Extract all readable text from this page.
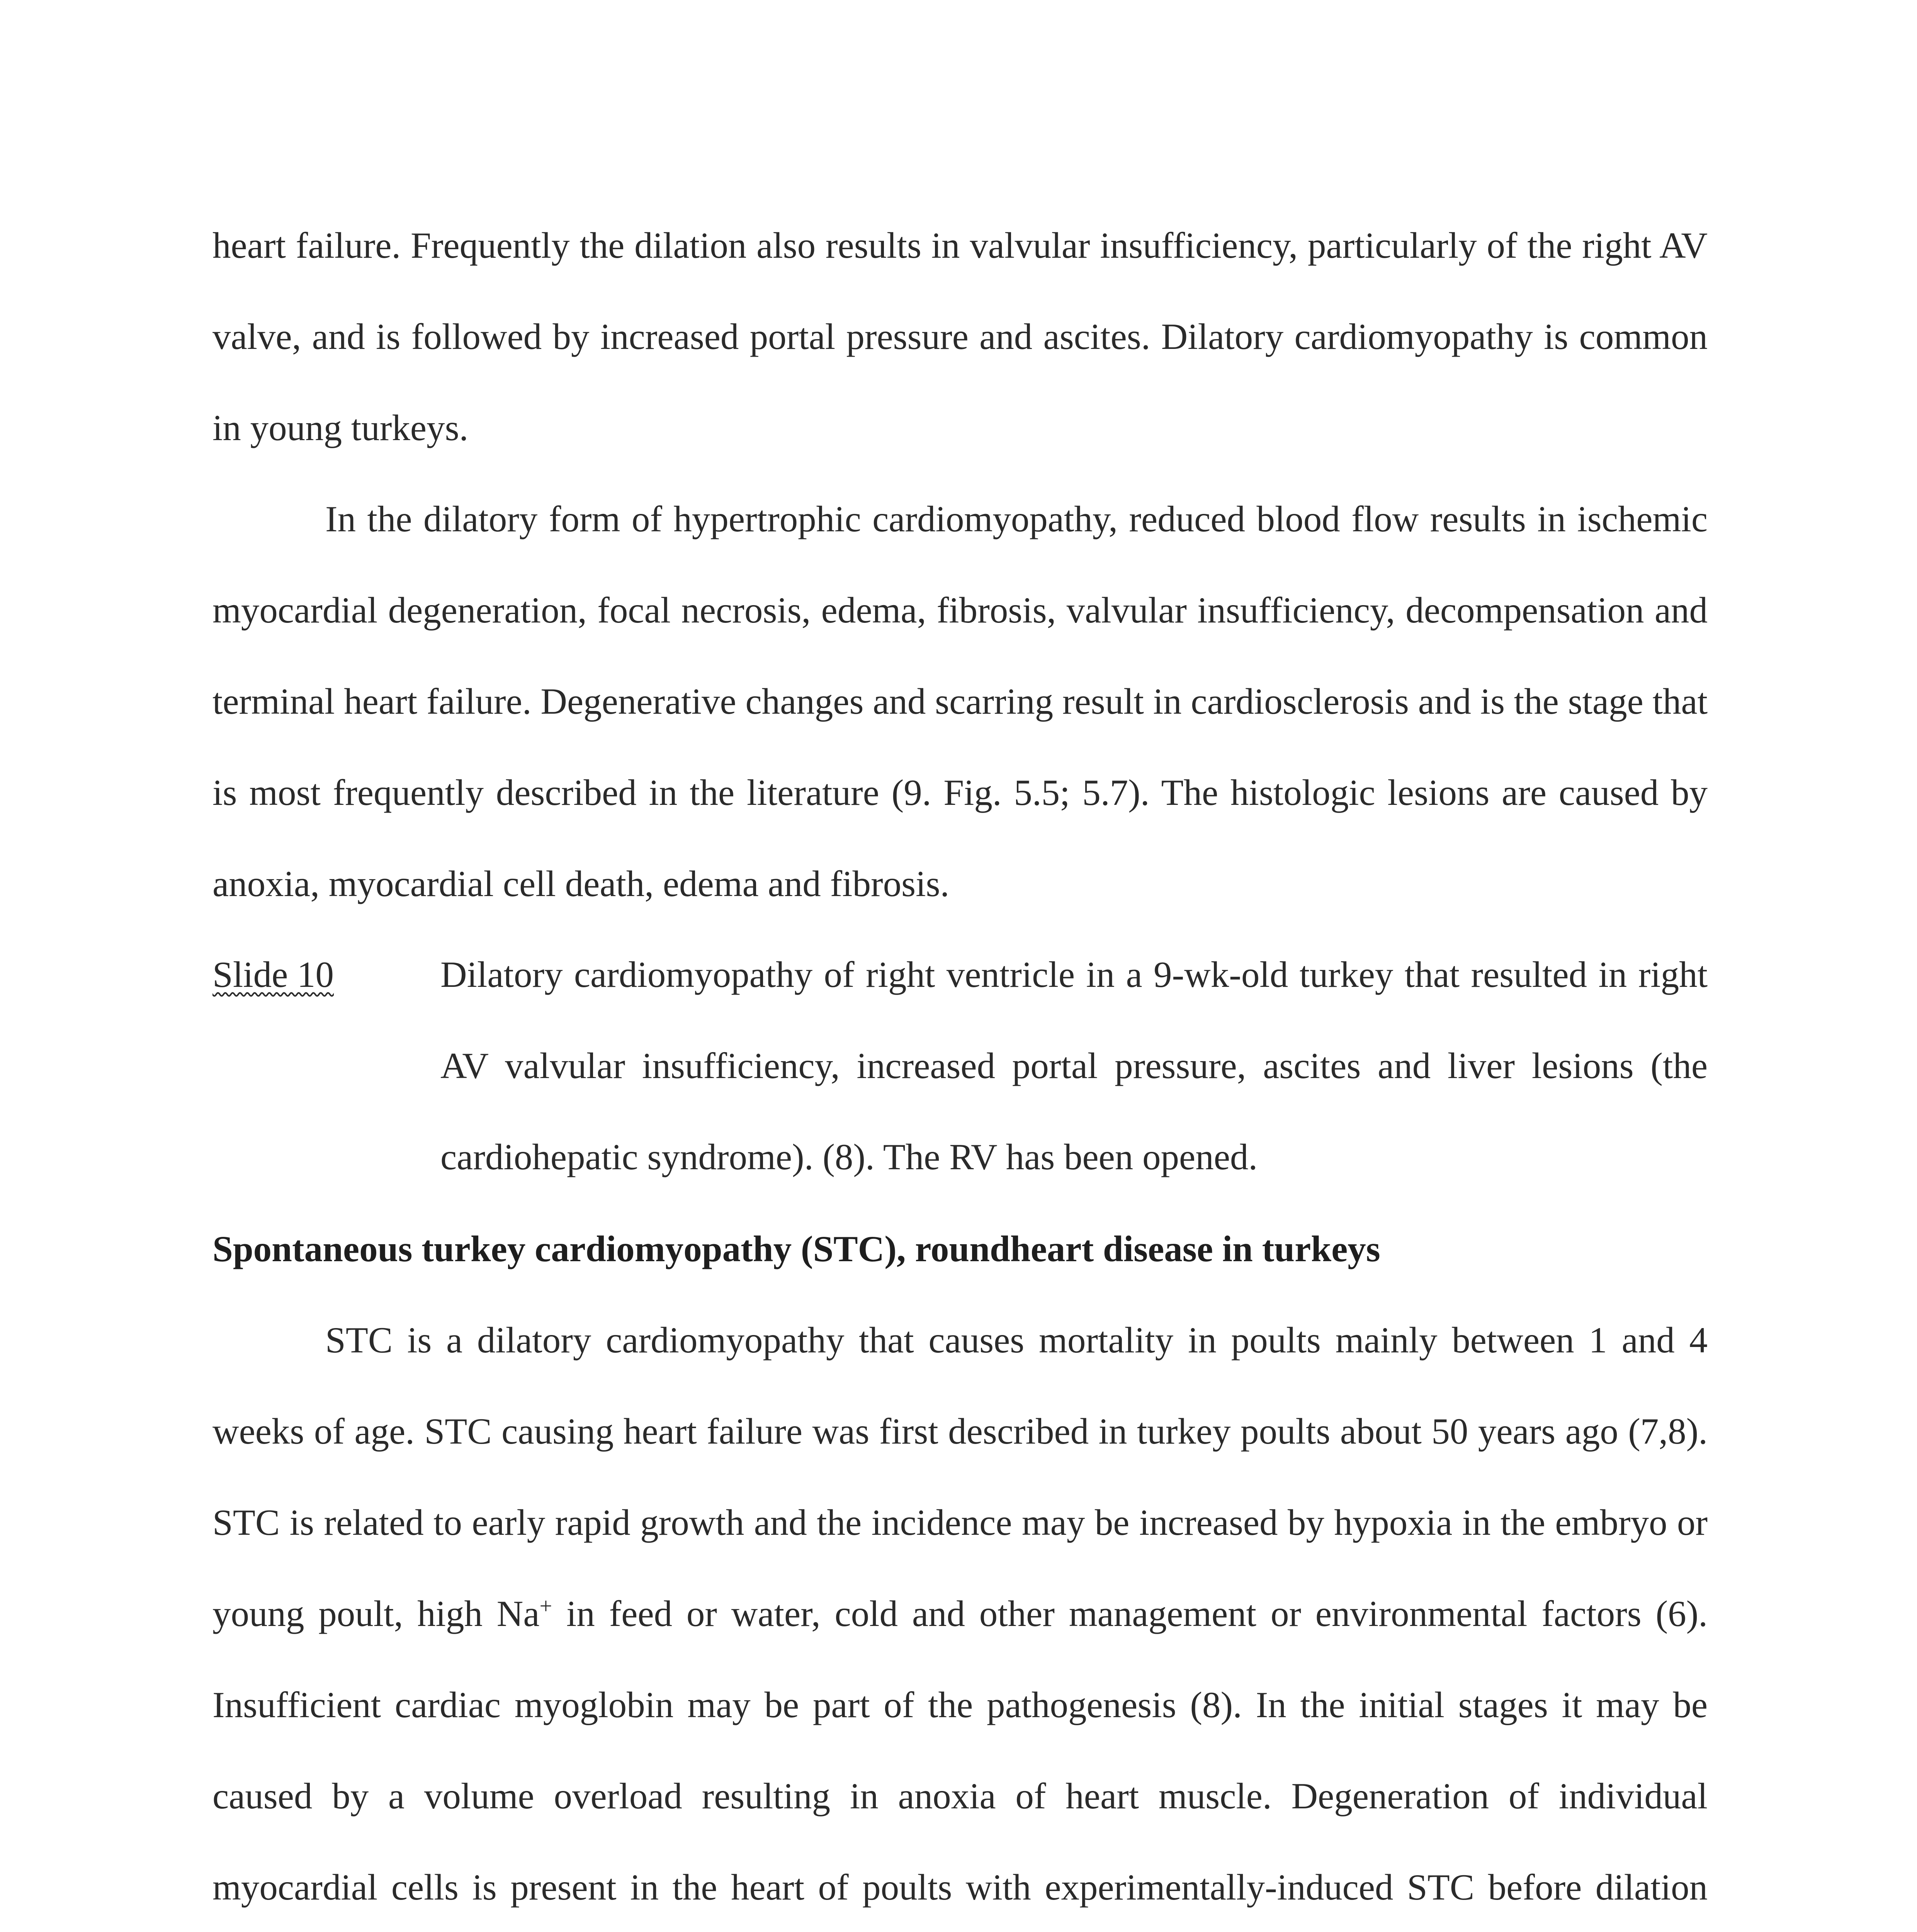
heart failure. Frequently the dilation also results in valvular insufficiency, particularly of the right AV valve, and is followed by increased portal pressure and ascites. Dilatory cardiomyopathy is common in young turkeys.

In the dilatory form of hypertrophic cardiomyopathy, reduced blood flow results in ischemic myocardial degeneration, focal necrosis, edema, fibrosis, valvular insufficiency, decompensation and terminal heart failure. Degenerative changes and scarring result in cardiosclerosis and is the stage that is most frequently described in the literature (9. Fig. 5.5; 5.7). The histologic lesions are caused by anoxia, myocardial cell death, edema and fibrosis.

Slide 10	Dilatory cardiomyopathy of right ventricle in a 9-wk-old turkey that resulted in right AV valvular insufficiency, increased portal pressure, ascites and liver lesions (the cardiohepatic syndrome). (8). The RV has been opened.
Spontaneous turkey cardiomyopathy (STC), roundheart disease in turkeys

STC is a dilatory cardiomyopathy that causes mortality in poults mainly between 1 and 4 weeks of age. STC causing heart failure was first described in turkey poults about 50 years ago (7,8). STC is related to early rapid growth and the incidence may be increased by hypoxia in the embryo or young poult, high Na+ in feed or water, cold and other management or environmental factors (6). Insufficient cardiac myoglobin may be part of the pathogenesis (8). In the initial stages it may be caused by a volume overload resulting in anoxia of heart muscle. Degeneration of individual myocardial cells is present in the heart of poults with experimentally-induced STC before dilation
